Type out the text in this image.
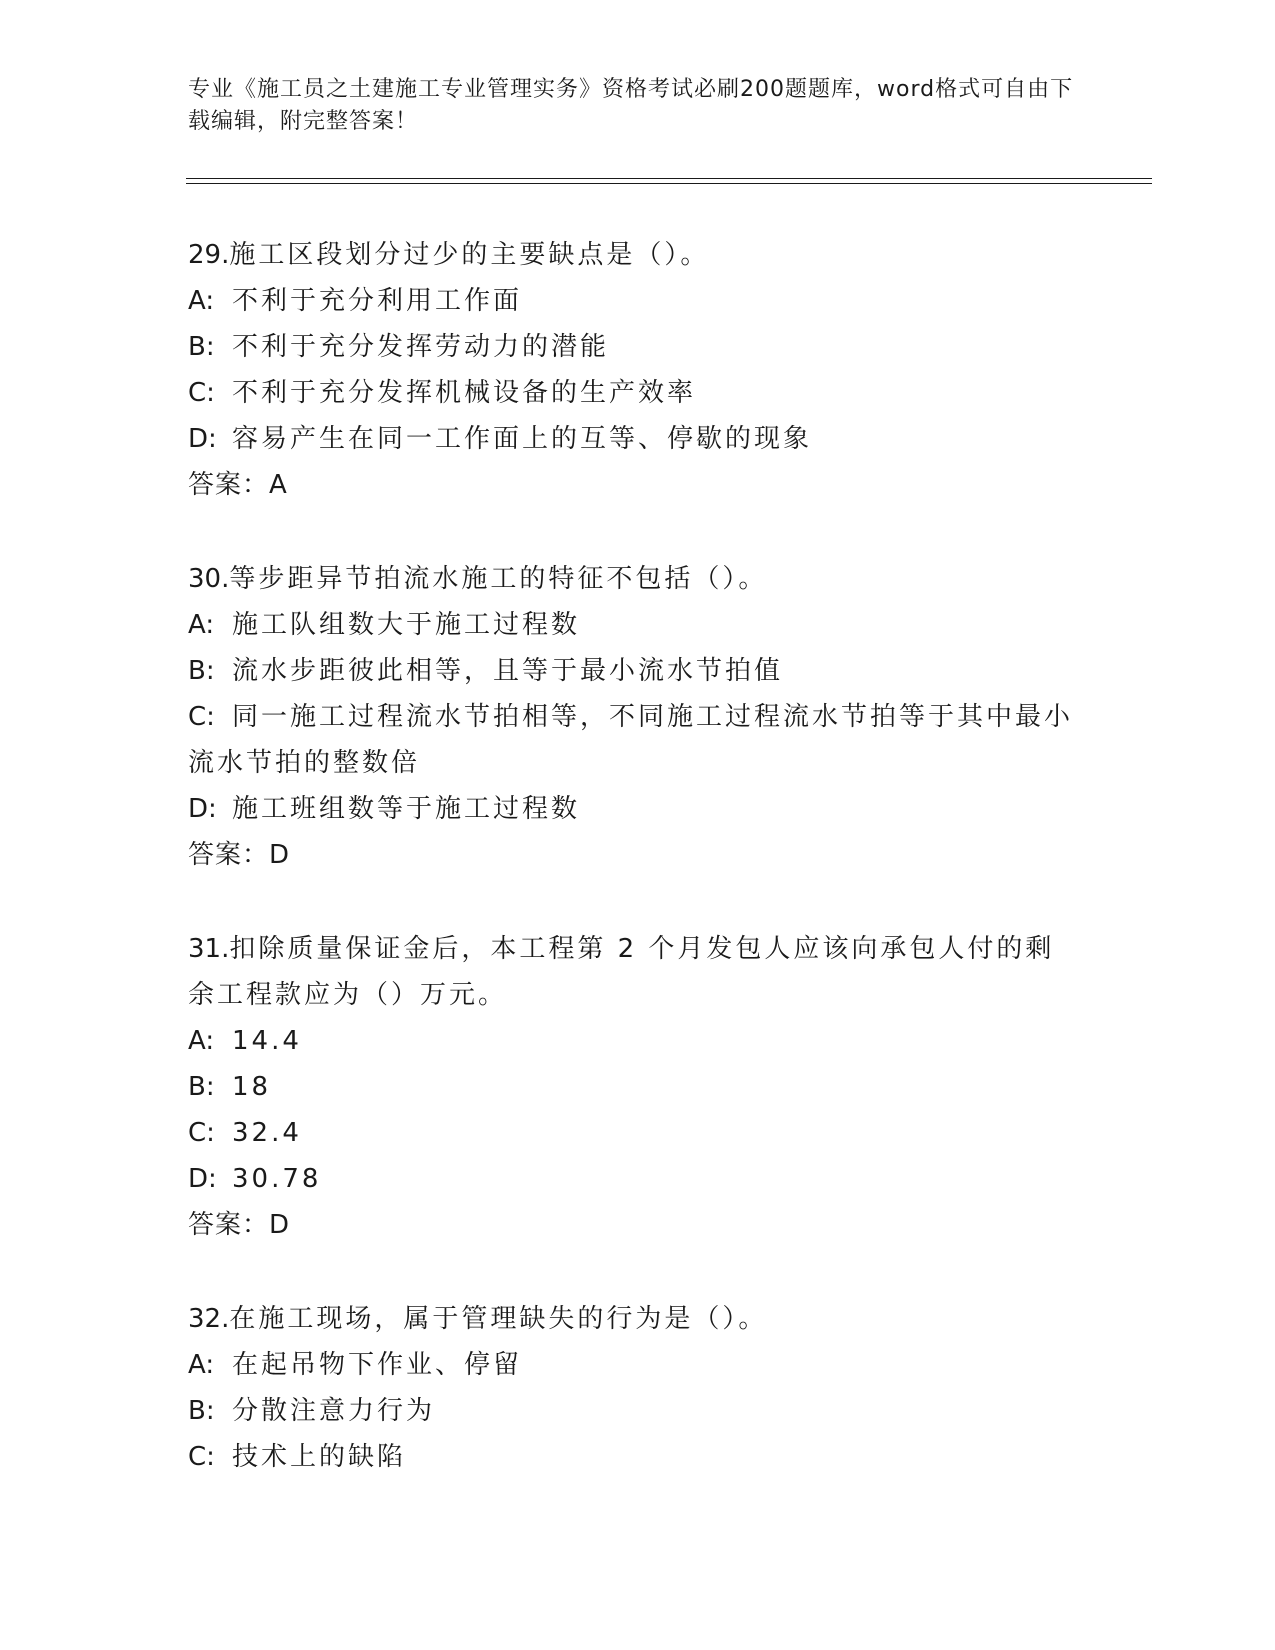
专业《施工员之土建施工专业管理实务》资格考试必刷200题题库，word格式可自由下载编辑，附完整答案！
29. 施工区段划分过少的主要缺点是（）。
A: 不利于充分利用工作面
B: 不利于充分发挥劳动力的潜能
C: 不利于充分发挥机械设备的生产效率
D: 容易产生在同一工作面上的互等、停歇的现象
答案：A
30. 等步距异节拍流水施工的特征不包括（）。
A: 施工队组数大于施工过程数
B: 流水步距彼此相等，且等于最小流水节拍值
C: 同一施工过程流水节拍相等，不同施工过程流水节拍等于其中最小流水节拍的整数倍
D: 施工班组数等于施工过程数
答案：D
31.扣除质量保证金后，本工程第 2 个月发包人应该向承包人付的剩余工程款应为（）万元。
A: 14.4
B: 18
C: 32.4
D: 30.78
答案：D
32. 在施工现场，属于管理缺失的行为是（）。
A: 在起吊物下作业、停留
B: 分散注意力行为
C: 技术上的缺陷
